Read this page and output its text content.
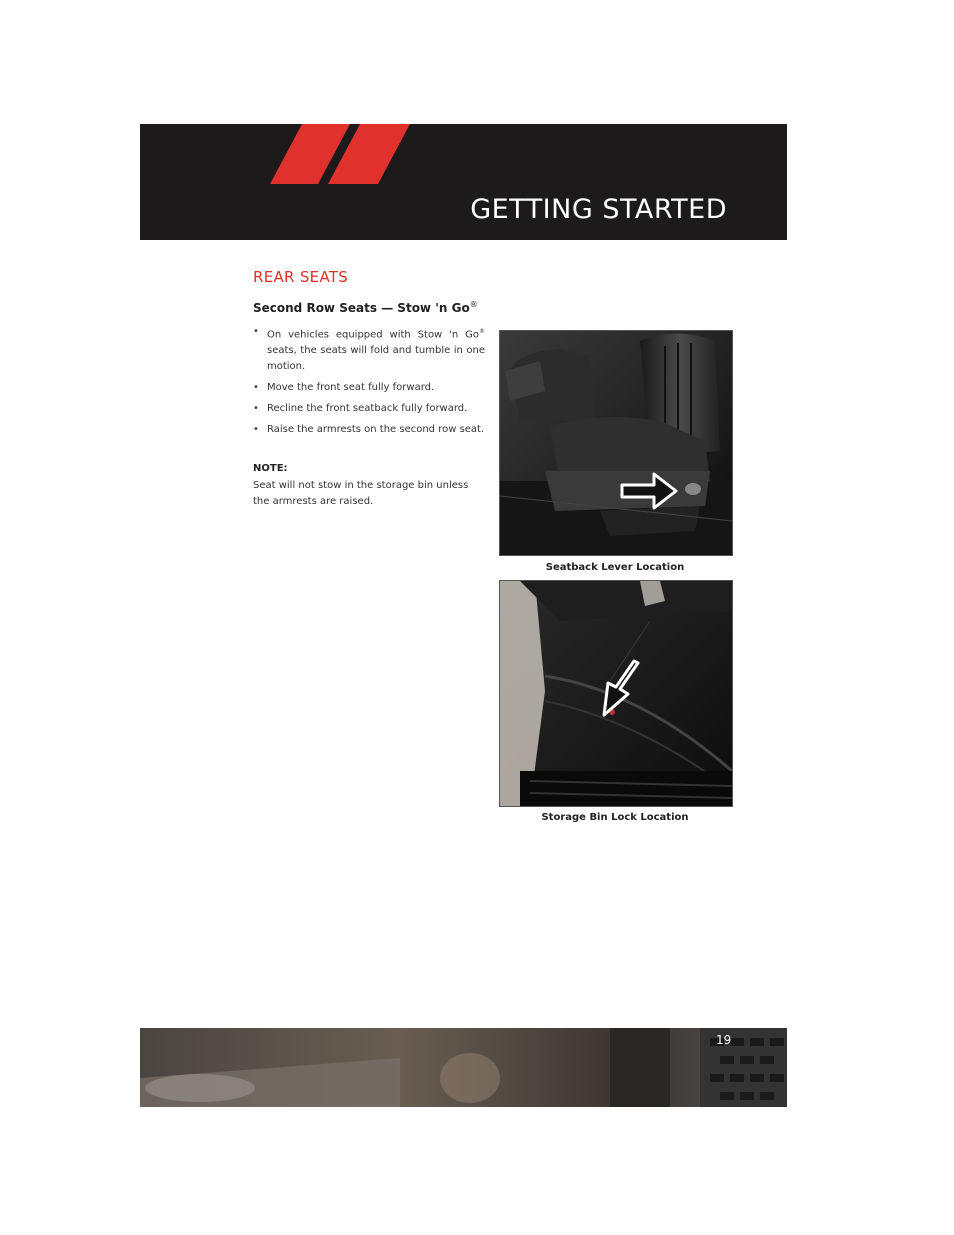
GETTING STARTED
REAR SEATS
Second Row Seats — Stow 'n Go®
• On vehicles equipped with Stow 'n Go® seats, the seats will fold and tumble in one motion.
• Move the front seat fully forward.
• Recline the front seatback fully forward.
• Raise the armrests on the second row seat.
NOTE:
Seat will not stow in the storage bin unless the armrests are raised.
Seatback Lever Location
Storage Bin Lock Location
19
